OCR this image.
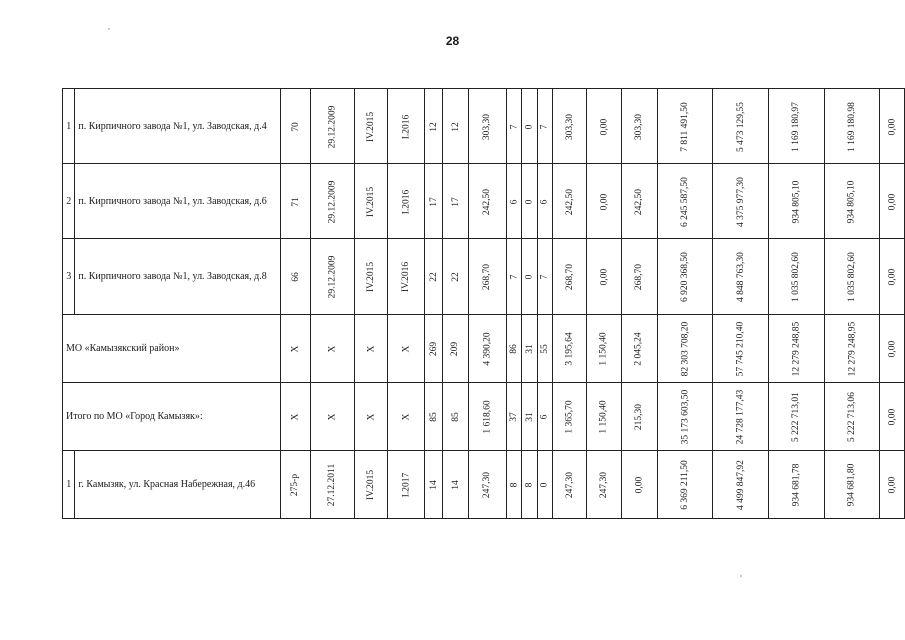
28
1	п. Кирпичного завода №1, ул. Заводская, д.4	70	29.12.2009	IV.2015	I.2016	12	12	303,30	7	0	7	303,30	0,00	303,30	7 811 491,50	5 473 129,55	1 169 180,97	1 169 180,98	0,00
2	п. Кирпичного завода №1, ул. Заводская, д.6	71	29.12.2009	IV.2015	I.2016	17	17	242,50	6	0	6	242,50	0,00	242,50	6 245 587,50	4 375 977,30	934 805,10	934 805,10	0,00
3	п. Кирпичного завода №1, ул. Заводская, д.8	66	29.12.2009	IV.2015	IV.2016	22	22	268,70	7	0	7	268,70	0,00	268,70	6 920 368,50	4 848 763,30	1 035 802,60	1 035 802,60	0,00
МО «Камызякский район»		X	X	X	X	269	209	4 390,20	86	31	55	3 195,64	1 150,40	2 045,24	82 303 708,20	57 745 210,40	12 279 248,85	12 279 248,95	0,00
Итого по МО «Город Камызяк»:		X	X	X	X	85	85	1 618,60	37	31	6	1 365,70	1 150,40	215,30	35 173 603,50	24 728 177,43	5 222 713,01	5 222 713,06	0,00
1	г. Камызяк, ул. Красная Набережная, д.46	275-р	27.12.2011	IV.2015	I.2017	14	14	247,30	8	8	0	247,30	247,30	0,00	6 369 211,50	4 499 847,92	934 681,78	934 681,80	0,00
